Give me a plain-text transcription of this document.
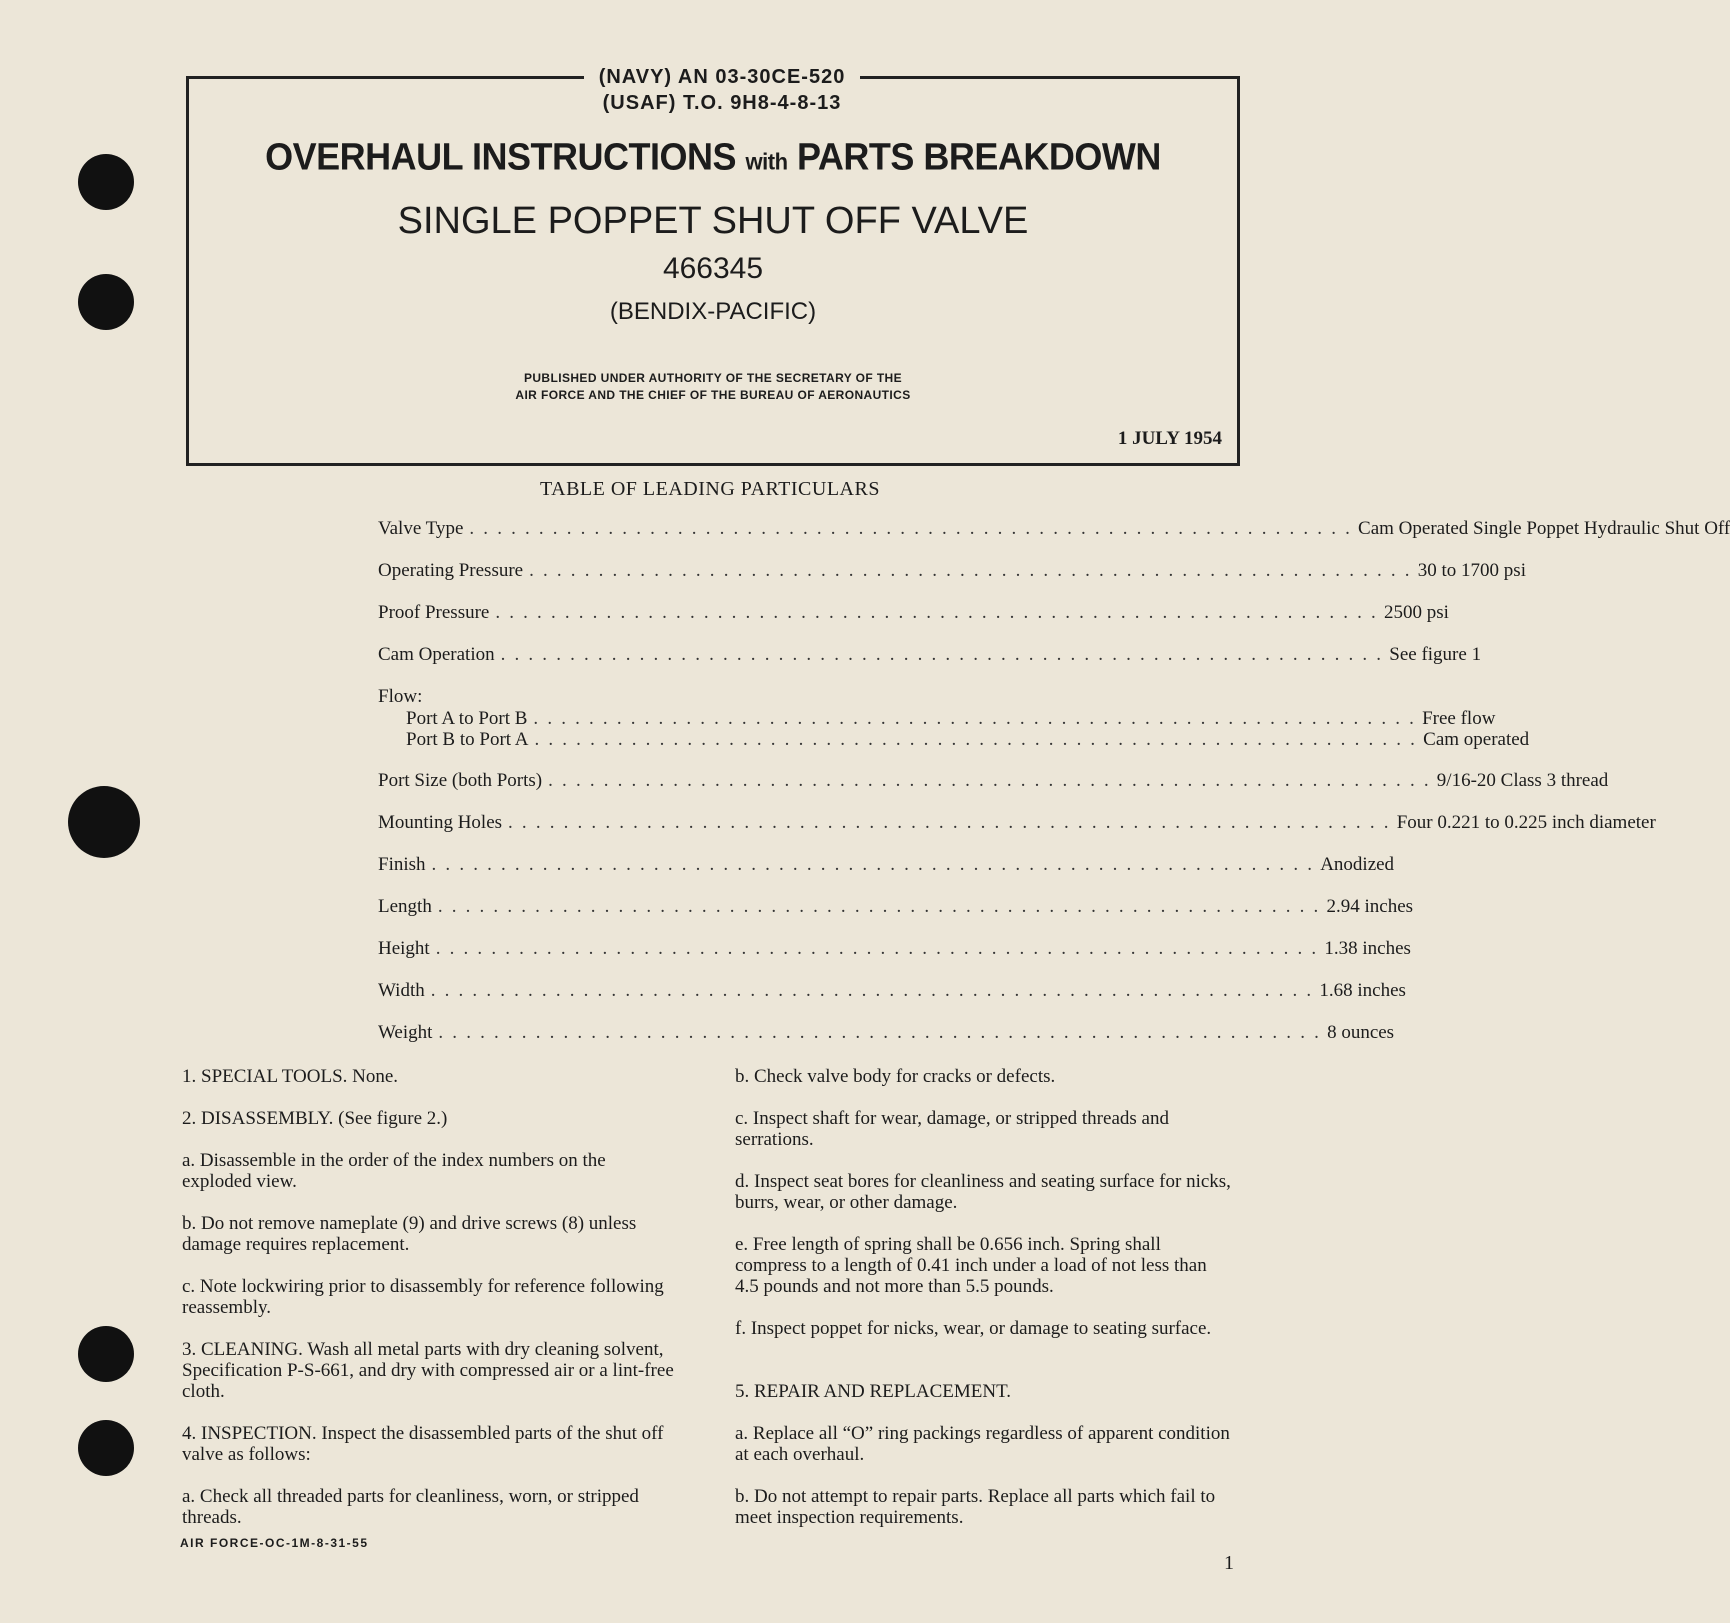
(NAVY) AN 03-30CE-520
(USAF) T.O. 9H8-4-8-13
OVERHAUL INSTRUCTIONS with PARTS BREAKDOWN
SINGLE POPPET SHUT OFF VALVE
466345
(BENDIX-PACIFIC)
PUBLISHED UNDER AUTHORITY OF THE SECRETARY OF THE
AIR FORCE AND THE CHIEF OF THE BUREAU OF AERONAUTICS
1 JULY 1954
TABLE OF LEADING PARTICULARS
Valve Type . . . . . . . . . . . . . . . . . . . . . . . . . . . . . . . . . . . . . . . . . . . . . . . . . . . . . . . . . . . . . . . . Cam Operated Single Poppet Hydraulic Shut Off
Operating Pressure . . . . . . . . . . . . . . . . . . . . . . . . . . . . . . . . . . . . . . . . . . . . . . . . . . . . . . . . . . . . . . . . 30 to 1700 psi
Proof Pressure . . . . . . . . . . . . . . . . . . . . . . . . . . . . . . . . . . . . . . . . . . . . . . . . . . . . . . . . . . . . . . . . 2500 psi
Cam Operation . . . . . . . . . . . . . . . . . . . . . . . . . . . . . . . . . . . . . . . . . . . . . . . . . . . . . . . . . . . . . . . . See figure 1
Flow:
Port A to Port B . . . . . . . . . . . . . . . . . . . . . . . . . . . . . . . . . . . . . . . . . . . . . . . . . . . . . . . . . . . . . . . . Free flow
Port B to Port A . . . . . . . . . . . . . . . . . . . . . . . . . . . . . . . . . . . . . . . . . . . . . . . . . . . . . . . . . . . . . . . . Cam operated
Port Size (both Ports) . . . . . . . . . . . . . . . . . . . . . . . . . . . . . . . . . . . . . . . . . . . . . . . . . . . . . . . . . . . . . . . . 9/16-20 Class 3 thread
Mounting Holes . . . . . . . . . . . . . . . . . . . . . . . . . . . . . . . . . . . . . . . . . . . . . . . . . . . . . . . . . . . . . . . . Four 0.221 to 0.225 inch diameter
Finish . . . . . . . . . . . . . . . . . . . . . . . . . . . . . . . . . . . . . . . . . . . . . . . . . . . . . . . . . . . . . . . . Anodized
Length . . . . . . . . . . . . . . . . . . . . . . . . . . . . . . . . . . . . . . . . . . . . . . . . . . . . . . . . . . . . . . . . 2.94 inches
Height . . . . . . . . . . . . . . . . . . . . . . . . . . . . . . . . . . . . . . . . . . . . . . . . . . . . . . . . . . . . . . . . 1.38 inches
Width . . . . . . . . . . . . . . . . . . . . . . . . . . . . . . . . . . . . . . . . . . . . . . . . . . . . . . . . . . . . . . . . 1.68 inches
Weight . . . . . . . . . . . . . . . . . . . . . . . . . . . . . . . . . . . . . . . . . . . . . . . . . . . . . . . . . . . . . . . . 8 ounces

1. SPECIAL TOOLS. None.

2. DISASSEMBLY. (See figure 2.)

a. Disassemble in the order of the index numbers on the exploded view.

b. Do not remove nameplate (9) and drive screws (8) unless damage requires replacement.

c. Note lockwiring prior to disassembly for reference following reassembly.

3. CLEANING. Wash all metal parts with dry cleaning solvent, Specification P-S-661, and dry with compressed air or a lint-free cloth.

4. INSPECTION. Inspect the disassembled parts of the shut off valve as follows:

a. Check all threaded parts for cleanliness, worn, or stripped threads.

b. Check valve body for cracks or defects.

c. Inspect shaft for wear, damage, or stripped threads and serrations.

d. Inspect seat bores for cleanliness and seating surface for nicks, burrs, wear, or other damage.

e. Free length of spring shall be 0.656 inch. Spring shall compress to a length of 0.41 inch under a load of not less than 4.5 pounds and not more than 5.5 pounds.

f. Inspect poppet for nicks, wear, or damage to seating surface.

5. REPAIR AND REPLACEMENT.

a. Replace all “O” ring packings regardless of apparent condition at each overhaul.

b. Do not attempt to repair parts. Replace all parts which fail to meet inspection requirements.

AIR FORCE-OC-1M-8-31-55
1
